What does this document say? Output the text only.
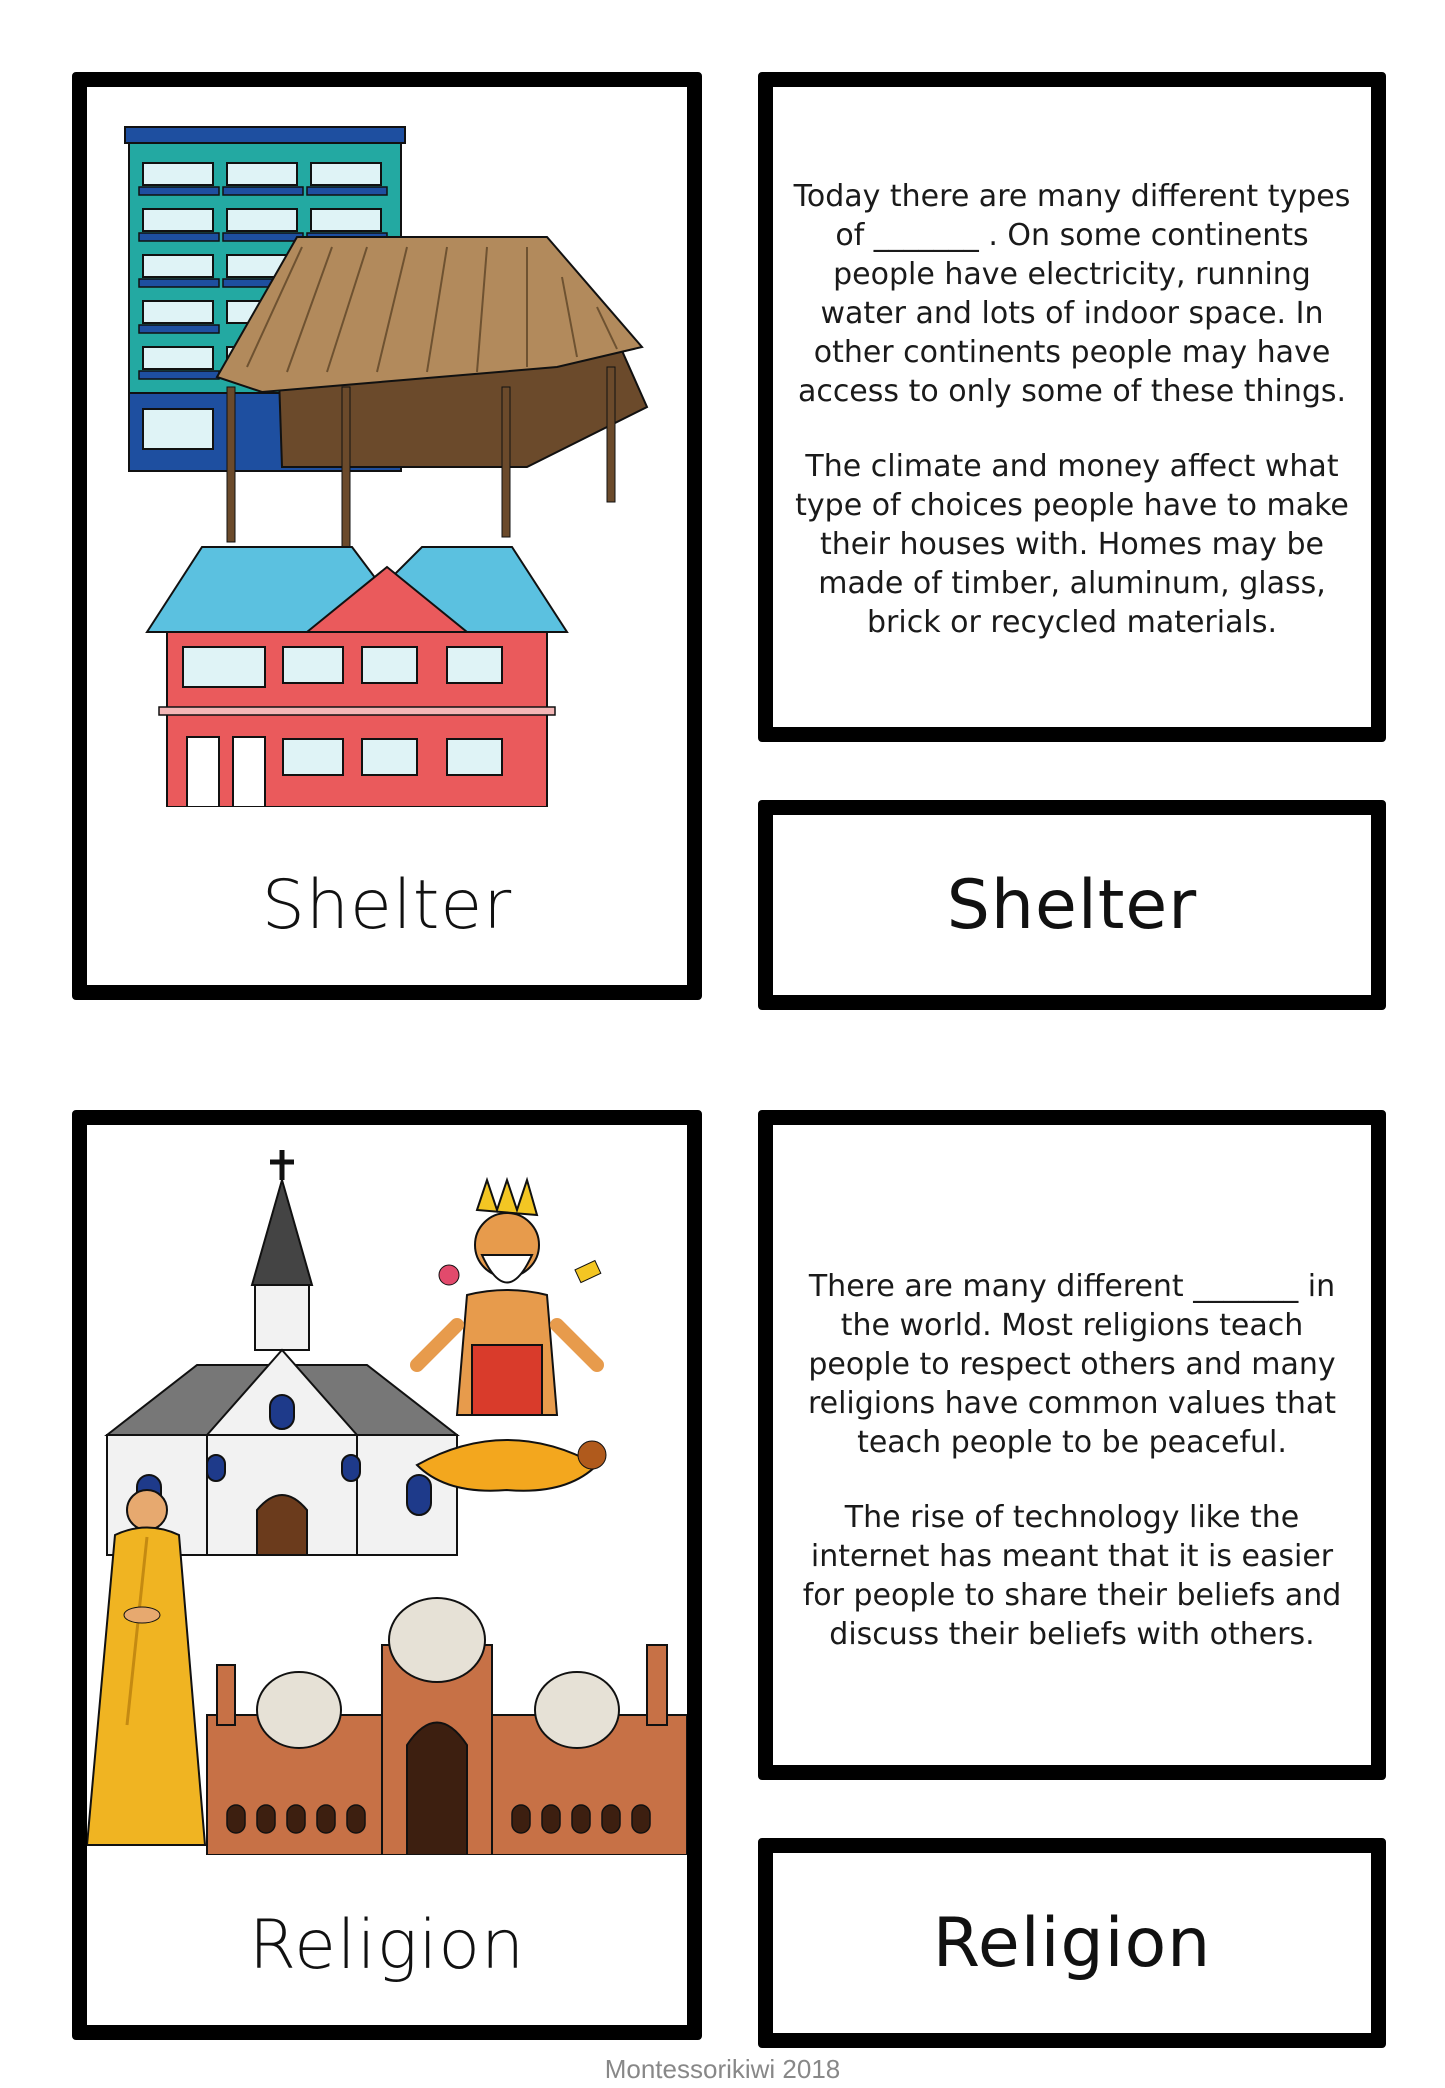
Shelter

Today there are many different types of _______ . On some continents people have electricity, running water and lots of indoor space. In other continents people may have access to only some of these things.

The climate and money affect what type of choices people have to make their houses with. Homes may be made of timber, aluminum, glass, brick or recycled materials.

Shelter
Religion

There are many different _______ in the world. Most religions teach people to respect others and many religions have common values that teach people to be peaceful.

The rise of technology like the internet has meant that it is easier for people to share their beliefs and discuss their beliefs with others.

Religion
Montessorikiwi 2018
